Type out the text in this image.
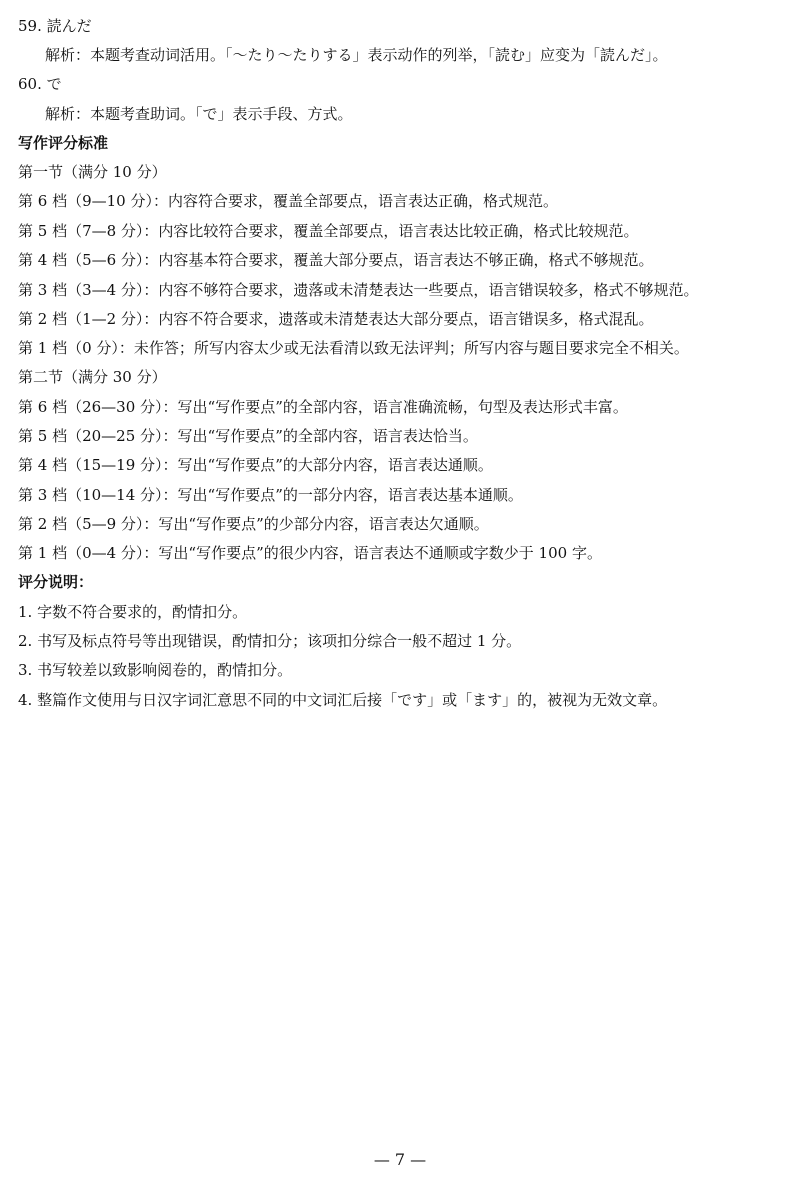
59. 読んだ
解析：本题考查动词活用。「～たり～たりする」表示动作的列举，「読む」应变为「読んだ」。
60. で
解析：本题考查助词。「で」表示手段、方式。
写作评分标准
第一节（满分 10 分）
第 6 档（9—10 分）：内容符合要求，覆盖全部要点，语言表达正确，格式规范。
第 5 档（7—8 分）：内容比较符合要求，覆盖全部要点，语言表达比较正确，格式比较规范。
第 4 档（5—6 分）：内容基本符合要求，覆盖大部分要点，语言表达不够正确，格式不够规范。
第 3 档（3—4 分）：内容不够符合要求，遗落或未清楚表达一些要点，语言错误较多，格式不够规范。
第 2 档（1—2 分）：内容不符合要求，遗落或未清楚表达大部分要点，语言错误多，格式混乱。
第 1 档（0 分）：未作答；所写内容太少或无法看清以致无法评判；所写内容与题目要求完全不相关。
第二节（满分 30 分）
第 6 档（26—30 分）：写出“写作要点”的全部内容，语言准确流畅，句型及表达形式丰富。
第 5 档（20—25 分）：写出“写作要点”的全部内容，语言表达恰当。
第 4 档（15—19 分）：写出“写作要点”的大部分内容，语言表达通顺。
第 3 档（10—14 分）：写出“写作要点”的一部分内容，语言表达基本通顺。
第 2 档（5—9 分）：写出“写作要点”的少部分内容，语言表达欠通顺。
第 1 档（0—4 分）：写出“写作要点”的很少内容，语言表达不通顺或字数少于 100 字。
评分说明：
1. 字数不符合要求的，酌情扣分。
2. 书写及标点符号等出现错误，酌情扣分；该项扣分综合一般不超过 1 分。
3. 书写较差以致影响阅卷的，酌情扣分。
4. 整篇作文使用与日汉字词汇意思不同的中文词汇后接「です」或「ます」的，被视为无效文章。
— 7 —
